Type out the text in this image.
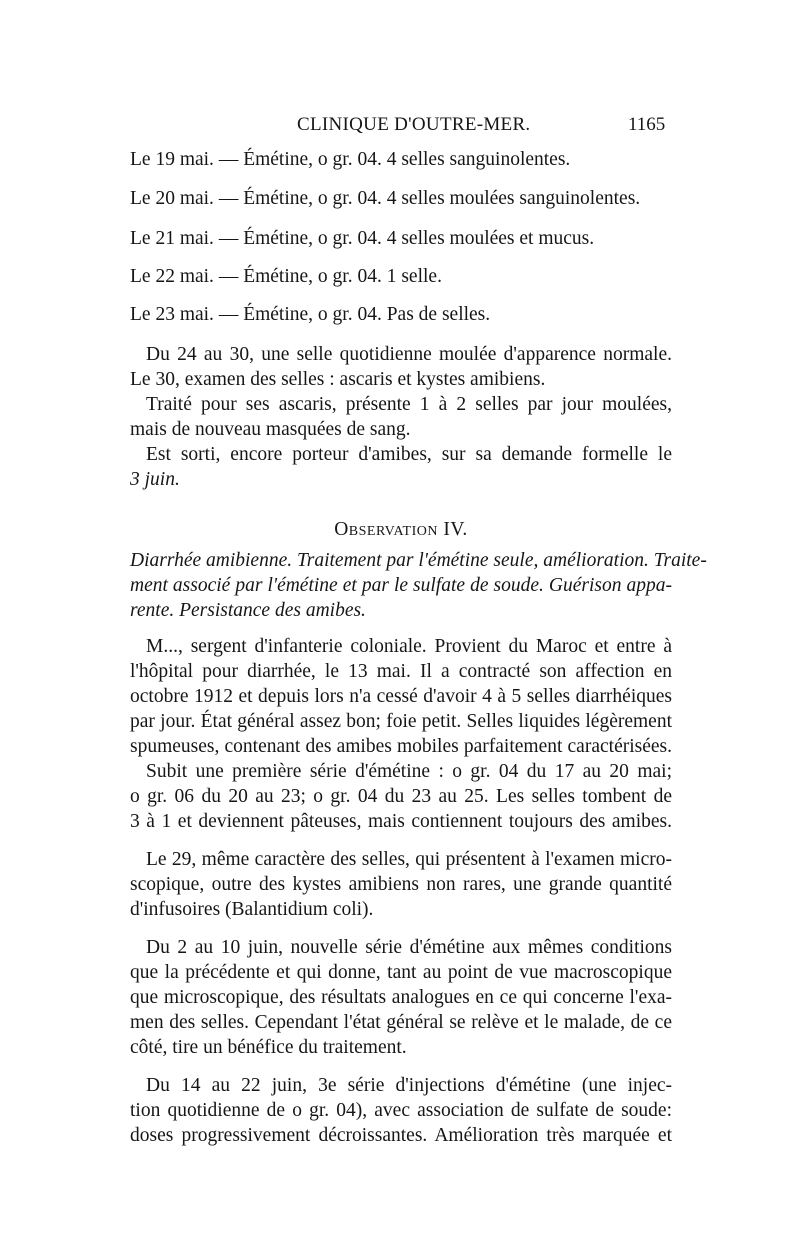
CLINIQUE D'OUTRE-MER.	1165

Le 19 mai. — Émétine, o gr. 04. 4 selles sanguinolentes.

Le 20 mai. — Émétine, o gr. 04. 4 selles moulées sanguinolentes.

Le 21 mai. — Émétine, o gr. 04. 4 selles moulées et mucus.

Le 22 mai. — Émétine, o gr. 04. 1 selle.

Le 23 mai. — Émétine, o gr. 04. Pas de selles.

Du 24 au 30, une selle quotidienne moulée d'apparence normale.

Le 30, examen des selles : ascaris et kystes amibiens.

Traité pour ses ascaris, présente 1 à 2 selles par jour moulées,

mais de nouveau masquées de sang.

Est sorti, encore porteur d'amibes, sur sa demande formelle le

3 juin.

Observation IV.

Diarrhée amibienne. Traitement par l'émétine seule, amélioration. Traite-

ment associé par l'émétine et par le sulfate de soude. Guérison appa-

rente. Persistance des amibes.

M..., sergent d'infanterie coloniale. Provient du Maroc et entre à

l'hôpital pour diarrhée, le 13 mai. Il a contracté son affection en

octobre 1912 et depuis lors n'a cessé d'avoir 4 à 5 selles diarrhéiques

par jour. État général assez bon; foie petit. Selles liquides légèrement

spumeuses, contenant des amibes mobiles parfaitement caractérisées.

Subit une première série d'émétine : o gr. 04 du 17 au 20 mai;

o gr. 06 du 20 au 23; o gr. 04 du 23 au 25. Les selles tombent de

3 à 1 et deviennent pâteuses, mais contiennent toujours des amibes.

Le 29, même caractère des selles, qui présentent à l'examen micro-

scopique, outre des kystes amibiens non rares, une grande quantité

d'infusoires (Balantidium coli).

Du 2 au 10 juin, nouvelle série d'émétine aux mêmes conditions

que la précédente et qui donne, tant au point de vue macroscopique

que microscopique, des résultats analogues en ce qui concerne l'exa-

men des selles. Cependant l'état général se relève et le malade, de ce

côté, tire un bénéfice du traitement.

Du 14 au 22 juin, 3e série d'injections d'émétine (une injec-

tion quotidienne de o gr. 04), avec association de sulfate de soude:

doses progressivement décroissantes. Amélioration très marquée et
